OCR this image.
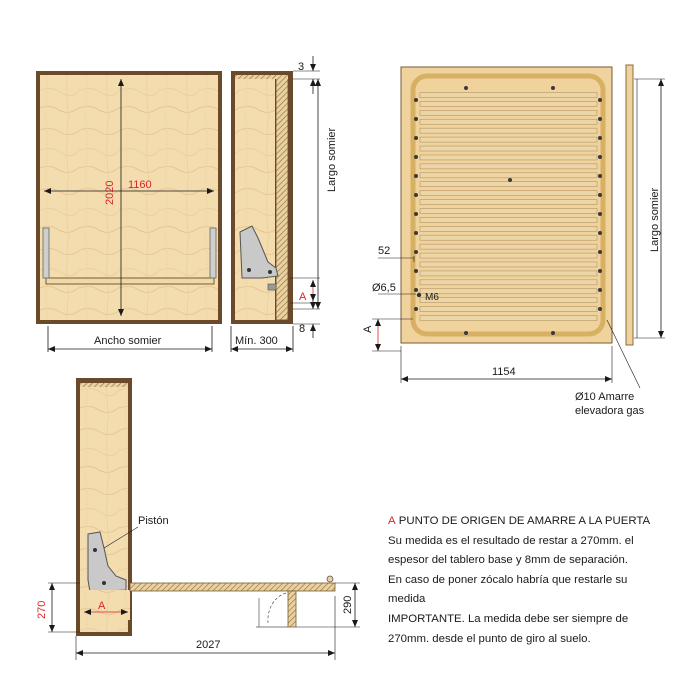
1160
2020
Ancho somier
A
3
Largo somier
8
Mín. 300
52
Ø6,5
M6
A
1154
Ø10 Amarre
elevadora gas
Largo somier
Pistón
270	A	290
2027
A PUNTO DE ORIGEN DE AMARRE A LA PUERTA
Su medida es el resultado de restar a 270mm. el
espesor del tablero base y 8mm de separación.
En caso de poner zócalo habría que restarle su
medida
IMPORTANTE. La medida debe ser siempre de
270mm. desde el punto de giro al suelo.
